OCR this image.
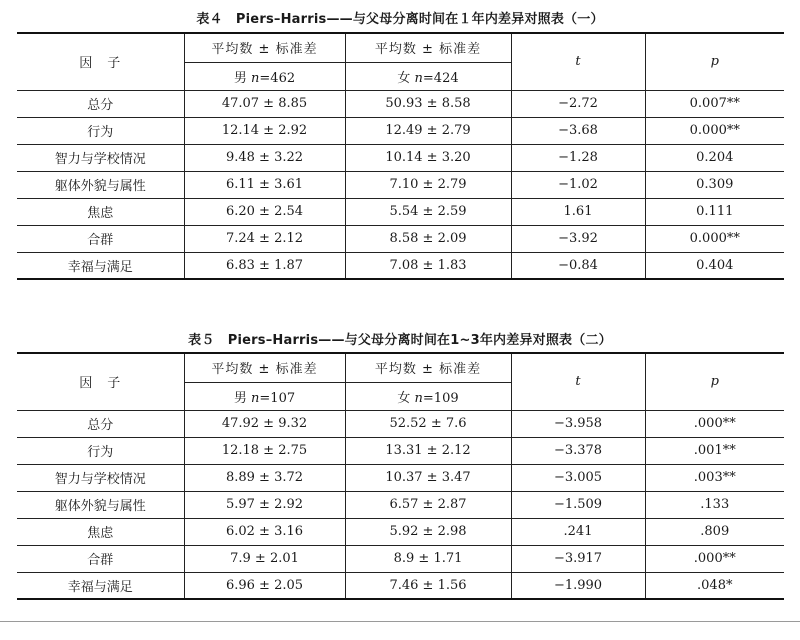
表４　Piers–Harris——与父母分离时间在１年内差异对照表（一）
因　子	平均数 ± 标准差	平均数 ± 标准差	t	p
	男 n=462	女 n=424		
总分	47.07 ± 8.85	50.93 ± 8.58	−2.72	0.007**
行为	12.14 ± 2.92	12.49 ± 2.79	−3.68	0.000**
智力与学校情况	9.48 ± 3.22	10.14 ± 3.20	−1.28	0.204
躯体外貌与属性	6.11 ± 3.61	7.10 ± 2.79	−1.02	0.309
焦虑	6.20 ± 2.54	5.54 ± 2.59	1.61	0.111
合群	7.24 ± 2.12	8.58 ± 2.09	−3.92	0.000**
幸福与满足	6.83 ± 1.87	7.08 ± 1.83	−0.84	0.404
表５　Piers–Harris——与父母分离时间在1~3年内差异对照表（二）
因　子	平均数 ± 标准差	平均数 ± 标准差	t	p
	男 n=107	女 n=109		
总分	47.92 ± 9.32	52.52 ± 7.6	−3.958	.000**
行为	12.18 ± 2.75	13.31 ± 2.12	−3.378	.001**
智力与学校情况	8.89 ± 3.72	10.37 ± 3.47	−3.005	.003**
躯体外貌与属性	5.97 ± 2.92	6.57 ± 2.87	−1.509	.133
焦虑	6.02 ± 3.16	5.92 ± 2.98	.241	.809
合群	7.9 ± 2.01	8.9 ± 1.71	−3.917	.000**
幸福与满足	6.96 ± 2.05	7.46 ± 1.56	−1.990	.048*
